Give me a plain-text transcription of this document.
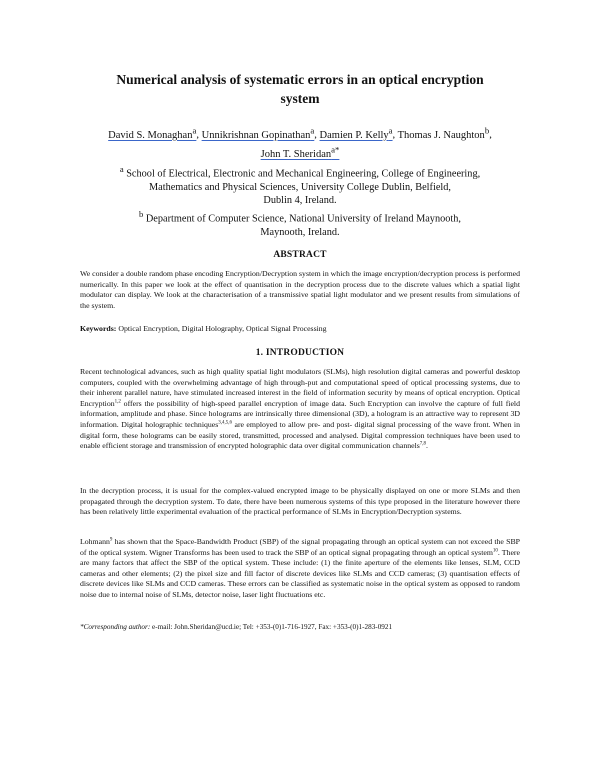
Numerical analysis of systematic errors in an optical encryption
system
David S. Monaghan$^a$, Unnikrishnan Gopinathan$^a$, Damien P. Kelly$^a$, Thomas J. Naughton$^b$,
John T. Sheridan$^{a*}$
$^a$ School of Electrical, Electronic and Mechanical Engineering, College of Engineering,
Mathematics and Physical Sciences, University College Dublin, Belfield,
Dublin 4, Ireland.
$^b$ Department of Computer Science, National University of Ireland Maynooth,
Maynooth, Ireland.
ABSTRACT
We consider a double random phase encoding Encryption/Decryption system in which the image encryption/decryption process is performed numerically. In this paper we look at the effect of quantisation in the decryption process due to the discrete values which a spatial light modulator can display. We look at the characterisation of a transmissive spatial light modulator and we present results from simulations of the system.
Keywords: Optical Encryption, Digital Holography, Optical Signal Processing
1. INTRODUCTION
Recent technological advances, such as high quality spatial light modulators (SLMs), high resolution digital cameras and powerful desktop computers, coupled with the overwhelming advantage of high through-put and computational speed of optical processing systems, due to their inherent parallel nature, have stimulated increased interest in the field of information security by means of optical encryption. Optical Encryption$^{1,2}$ offers the possibility of high-speed parallel encryption of image data. Such Encryption can involve the capture of full field information, amplitude and phase. Since holograms are intrinsically three dimensional (3D), a hologram is an attractive way to represent 3D information. Digital holographic techniques$^{3,4,5,6}$ are employed to allow pre- and post- digital signal processing of the wave front. When in digital form, these holograms can be easily stored, transmitted, processed and analysed. Digital compression techniques have been used to enable efficient storage and transmission of encrypted holographic data over digital communication channels$^{7,8}$.
In the decryption process, it is usual for the complex-valued encrypted image to be physically displayed on one or more SLMs and then propagated through the decryption system. To date, there have been numerous systems of this type proposed in the literature however there has been relatively little experimental evaluation of the practical performance of SLMs in Encryption/Decryption systems.
Lohmann$^9$ has shown that the Space-Bandwidth Product (SBP) of the signal propagating through an optical system can not exceed the SBP of the optical system. Wigner Transforms has been used to track the SBP of an optical signal propagating through an optical system$^{10}$. There are many factors that affect the SBP of the optical system. These include: (1) the finite aperture of the elements like lenses, SLM, CCD cameras and other elements; (2) the pixel size and fill factor of discrete devices like SLMs and CCD cameras; (3) quantisation effects of discrete devices like SLMs and CCD cameras. These errors can be classified as systematic noise in the optical system as opposed to random noise due to internal noise of SLMs, detector noise, laser light fluctuations etc.
*Corresponding author: e-mail: John.Sheridan@ucd.ie; Tel: +353-(0)1-716-1927, Fax: +353-(0)1-283-0921
